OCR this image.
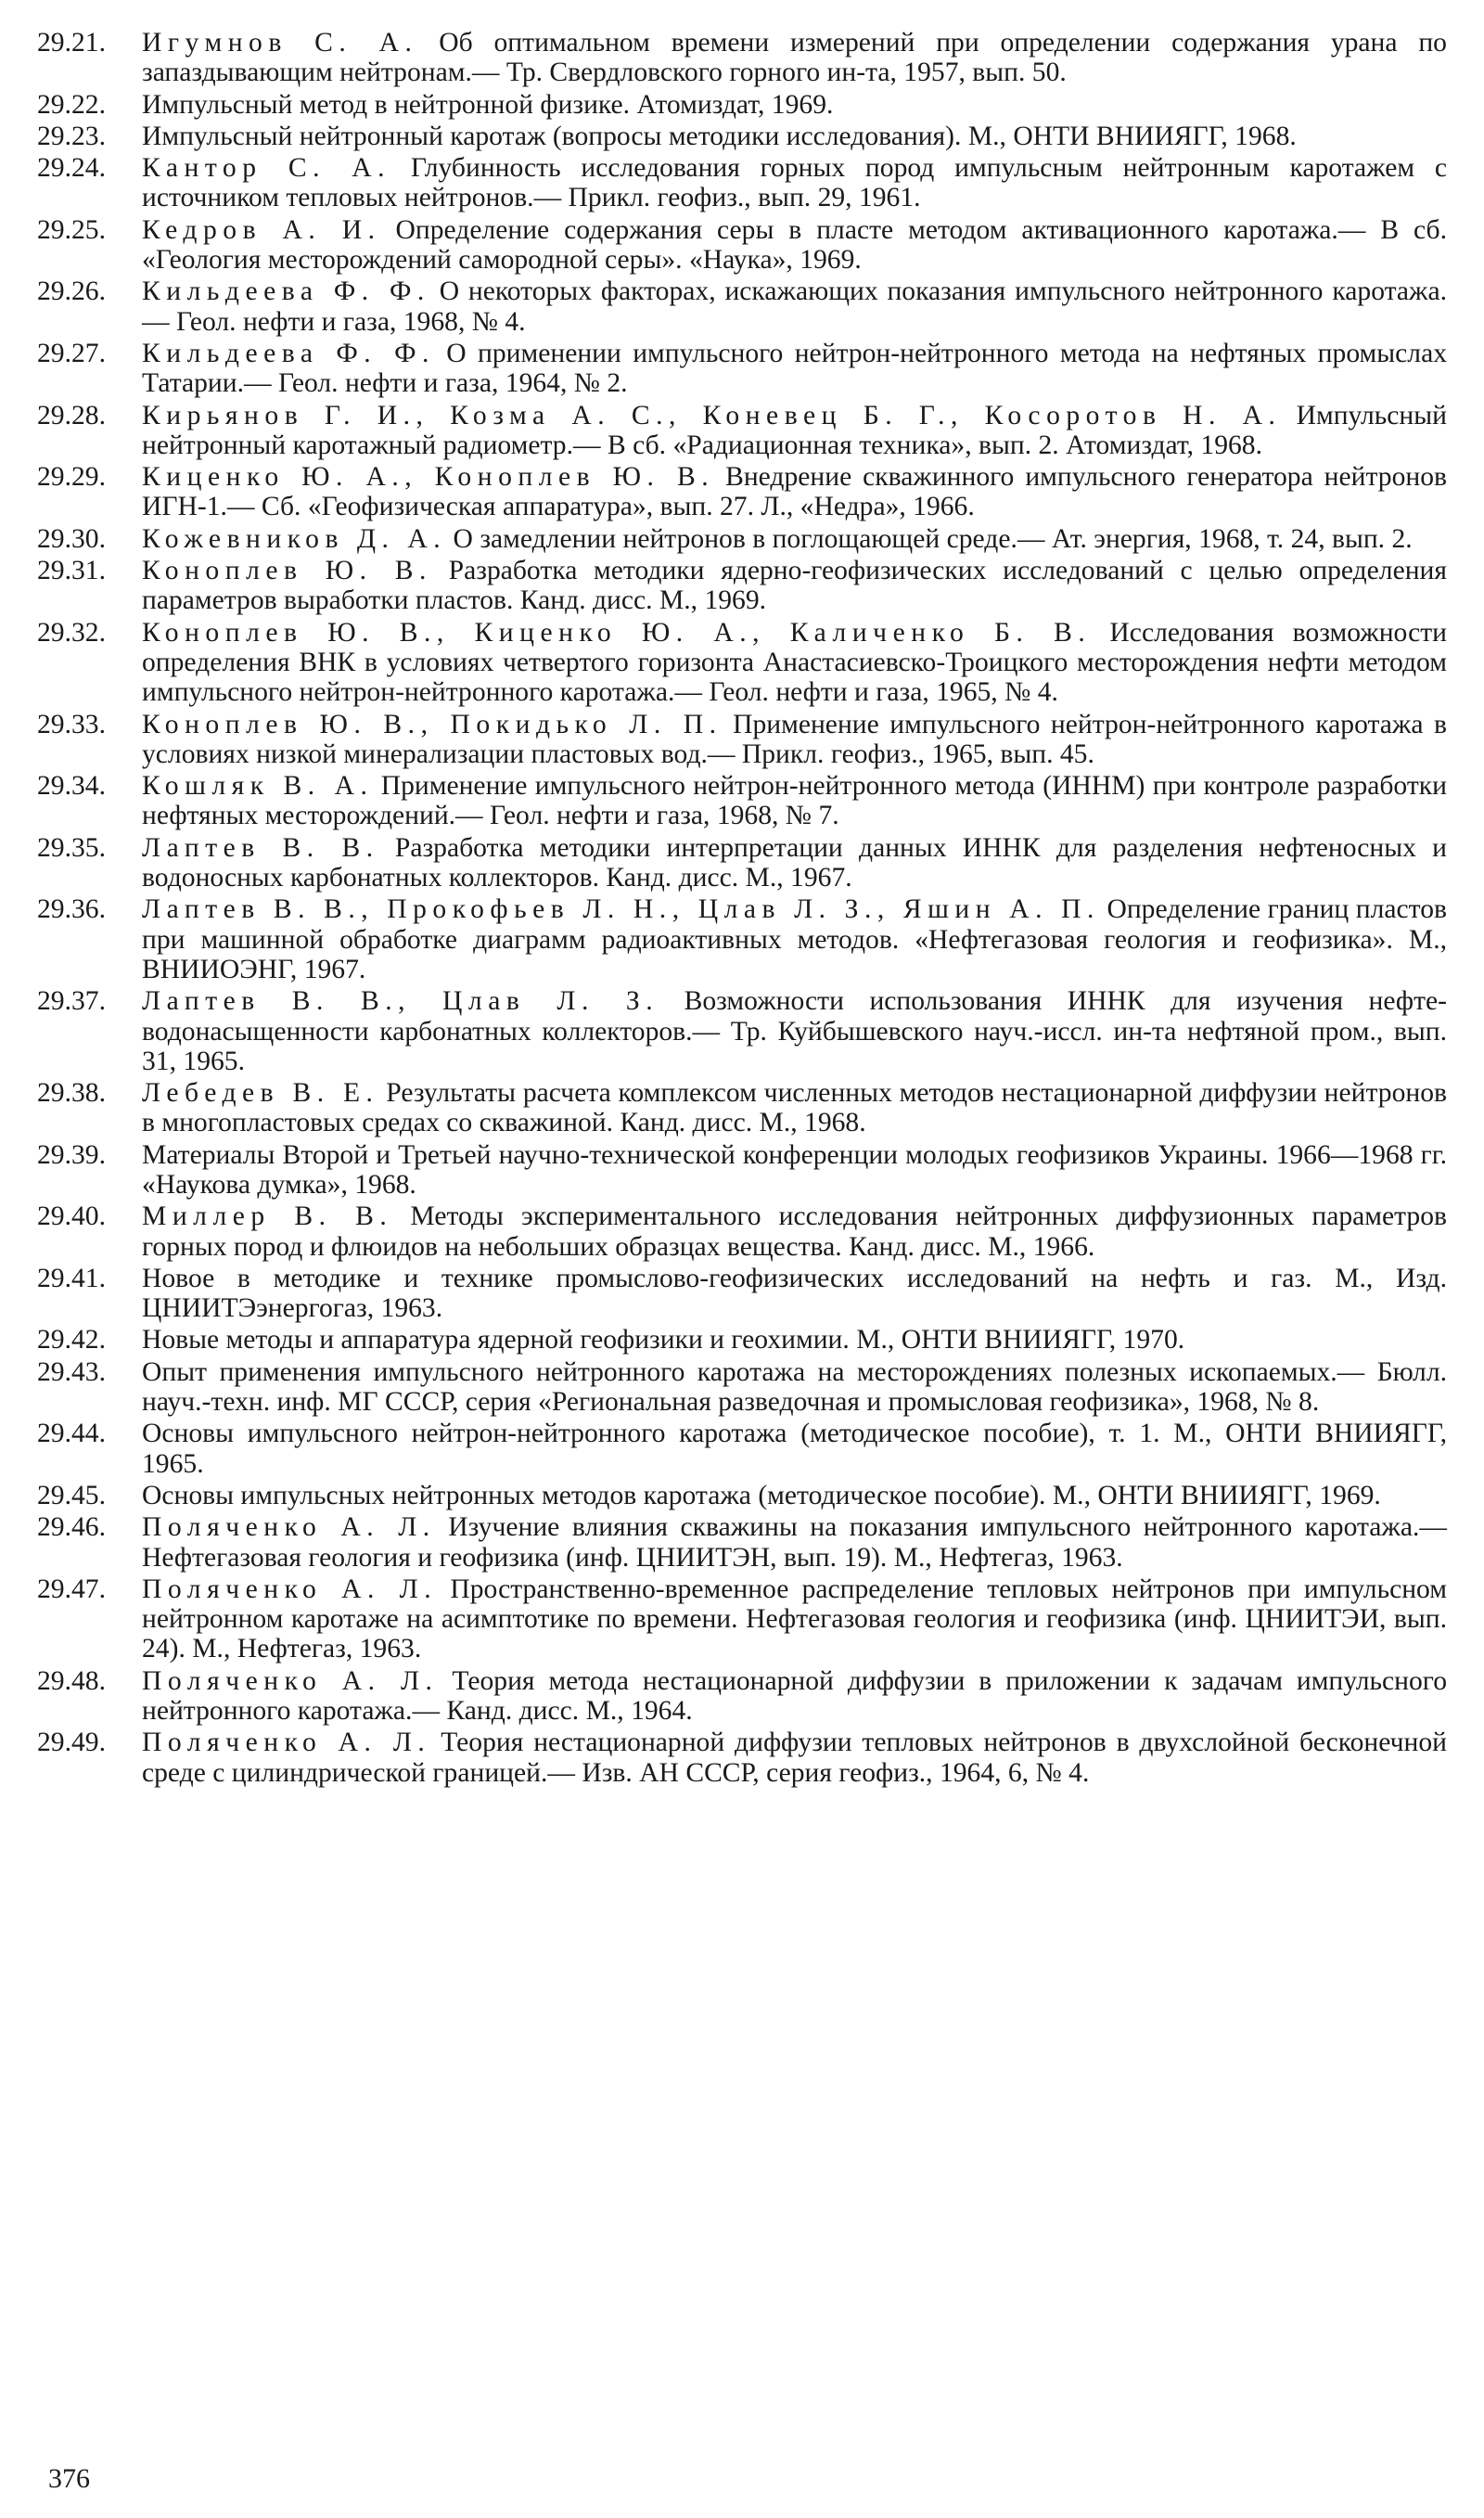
29.21.	Игумнов С. А. Об оптимальном времени измерений при определении содержания урана по запаздывающим нейтронам.— Тр. Свердловского горного ин-та, 1957, вып. 50.
29.22.	Импульсный метод в нейтронной физике. Атомиздат, 1969.
29.23.	Импульсный нейтронный каротаж (вопросы методики исследования). М., ОНТИ ВНИИЯГГ, 1968.
29.24.	Кантор С. А. Глубинность исследования горных пород импульсным нейтронным каротажем с источником тепловых нейтронов.— Прикл. геофиз., вып. 29, 1961.
29.25.	Кедров А. И. Определение содержания серы в пласте методом активационного каротажа.— В сб. «Геология месторождений самородной серы». «Наука», 1969.
29.26.	Кильдеева Ф. Ф. О некоторых факторах, искажающих показания импульсного нейтронного каротажа.— Геол. нефти и газа, 1968, № 4.
29.27.	Кильдеева Ф. Ф. О применении импульсного нейтрон-нейтронного метода на нефтяных промыслах Татарии.— Геол. нефти и газа, 1964, № 2.
29.28.	Кирьянов Г. И., Козма А. С., Коневец Б. Г., Косоротов Н. А. Импульсный нейтронный каротажный радиометр.— В сб. «Радиационная техника», вып. 2. Атомиздат, 1968.
29.29.	Киценко Ю. А., Коноплев Ю. В. Внедрение скважинного импульсного генератора нейтронов ИГН-1.— Сб. «Геофизическая аппаратура», вып. 27. Л., «Недра», 1966.
29.30.	Кожевников Д. А. О замедлении нейтронов в поглощающей среде.— Ат. энергия, 1968, т. 24, вып. 2.
29.31.	Коноплев Ю. В. Разработка методики ядерно-геофизических исследований с целью определения параметров выработки пластов. Канд. дисс. М., 1969.
29.32.	Коноплев Ю. В., Киценко Ю. А., Каличенко Б. В. Исследования возможности определения ВНК в условиях четвертого горизонта Анастасиевско-Троицкого месторождения нефти методом импульсного нейтрон-нейтронного каротажа.— Геол. нефти и газа, 1965, № 4.
29.33.	Коноплев Ю. В., Покидько Л. П. Применение импульсного нейтрон-нейтронного каротажа в условиях низкой минерализации пластовых вод.— Прикл. геофиз., 1965, вып. 45.
29.34.	Кошляк В. А. Применение импульсного нейтрон-нейтронного метода (ИННМ) при контроле разработки нефтяных месторождений.— Геол. нефти и газа, 1968, № 7.
29.35.	Лаптев В. В. Разработка методики интерпретации данных ИННК для разделения нефтеносных и водоносных карбонатных коллекторов. Канд. дисс. М., 1967.
29.36.	Лаптев В. В., Прокофьев Л. Н., Цлав Л. З., Яшин А. П. Определение границ пластов при машинной обработке диаграмм радиоактивных методов. «Нефтегазовая геология и геофизика». М., ВНИИОЭНГ, 1967.
29.37.	Лаптев В. В., Цлав Л. З. Возможности использования ИННК для изучения нефте-водонасыщенности карбонатных коллекторов.— Тр. Куйбышевского науч.-иссл. ин-та нефтяной пром., вып. 31, 1965.
29.38.	Лебедев В. Е. Результаты расчета комплексом численных методов нестационарной диффузии нейтронов в многопластовых средах со скважиной. Канд. дисс. М., 1968.
29.39.	Материалы Второй и Третьей научно-технической конференции молодых геофизиков Украины. 1966—1968 гг. «Наукова думка», 1968.
29.40.	Миллер В. В. Методы экспериментального исследования нейтронных диффузионных параметров горных пород и флюидов на небольших образцах вещества. Канд. дисс. М., 1966.
29.41.	Новое в методике и технике промыслово-геофизических исследований на нефть и газ. М., Изд. ЦНИИТЭэнергогаз, 1963.
29.42.	Новые методы и аппаратура ядерной геофизики и геохимии. М., ОНТИ ВНИИЯГГ, 1970.
29.43.	Опыт применения импульсного нейтронного каротажа на месторождениях полезных ископаемых.— Бюлл. науч.-техн. инф. МГ СССР, серия «Региональная разведочная и промысловая геофизика», 1968, № 8.
29.44.	Основы импульсного нейтрон-нейтронного каротажа (методическое пособие), т. 1. М., ОНТИ ВНИИЯГГ, 1965.
29.45.	Основы импульсных нейтронных методов каротажа (методическое пособие). М., ОНТИ ВНИИЯГГ, 1969.
29.46.	Поляченко А. Л. Изучение влияния скважины на показания импульсного нейтронного каротажа.— Нефтегазовая геология и геофизика (инф. ЦНИИТЭН, вып. 19). М., Нефтегаз, 1963.
29.47.	Поляченко А. Л. Пространственно-временное распределение тепловых нейтронов при импульсном нейтронном каротаже на асимптотике по времени. Нефтегазовая геология и геофизика (инф. ЦНИИТЭИ, вып. 24). М., Нефтегаз, 1963.
29.48.	Поляченко А. Л. Теория метода нестационарной диффузии в приложении к задачам импульсного нейтронного каротажа.— Канд. дисс. М., 1964.
29.49.	Поляченко А. Л. Теория нестационарной диффузии тепловых нейтронов в двухслойной бесконечной среде с цилиндрической границей.— Изв. АН СССР, серия геофиз., 1964, 6, № 4.
376
